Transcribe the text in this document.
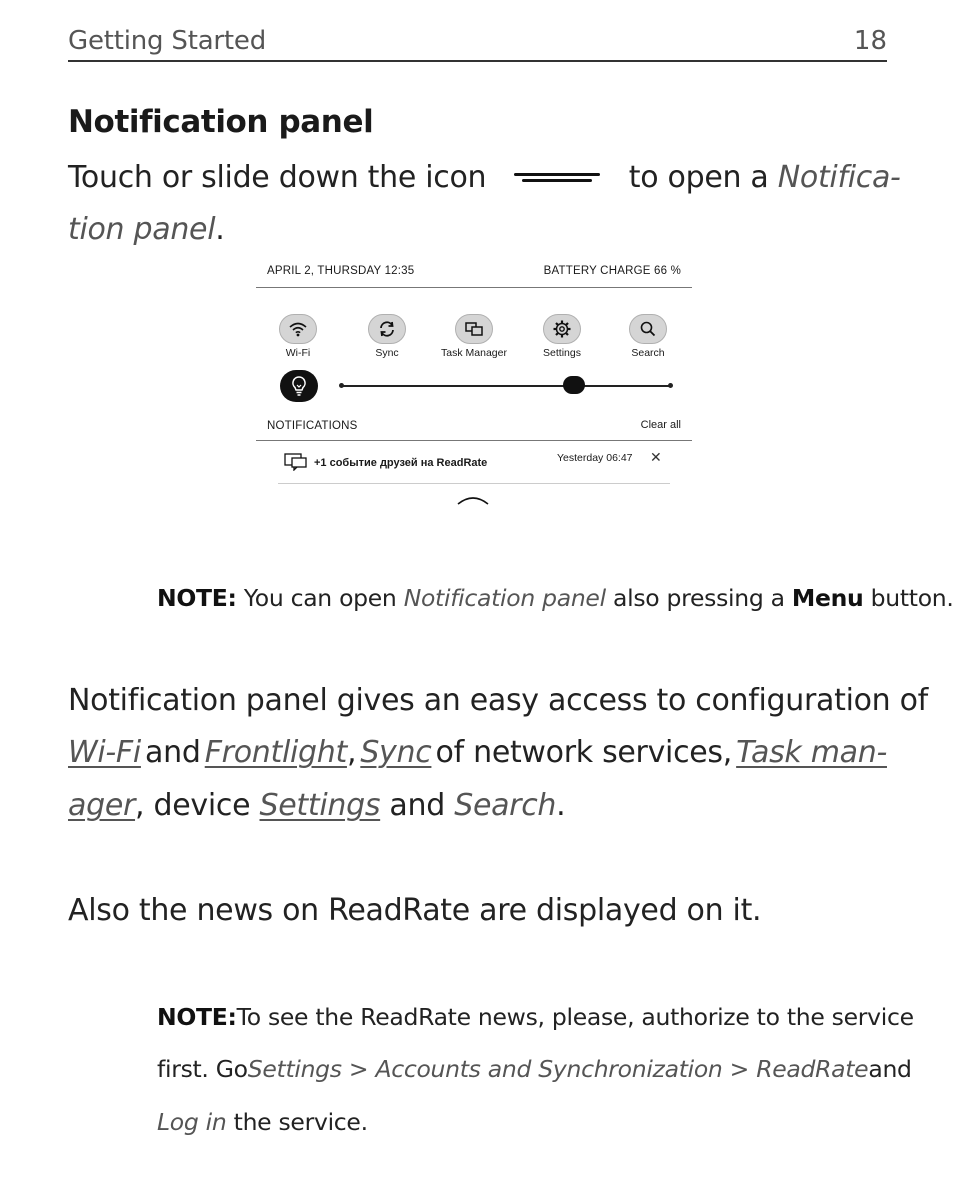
Getting Started	18
Notification panel
Touch or slide down the icon	to open a Notifica-
tion panel.
APRIL 2, THURSDAY 12:35	BATTERY CHARGE 66 %
Wi-Fi	Sync	Task Manager	Settings	Search
NOTIFICATIONS	Clear all
+1 событие друзей на ReadRate	Yesterday 06:47 ✕
NOTE: You can open Notification panel also pressing a Menu button.
Notification panel gives an easy access to configuration of
Wi-Fi and Frontlight, Sync of network services, Task man-
ager, device Settings and Search.
Also the news on ReadRate are displayed on it.
NOTE: To see the ReadRate news, please, authorize to the service
first. Go Settings > Accounts and Synchronization > ReadRate and
Log in the service.
